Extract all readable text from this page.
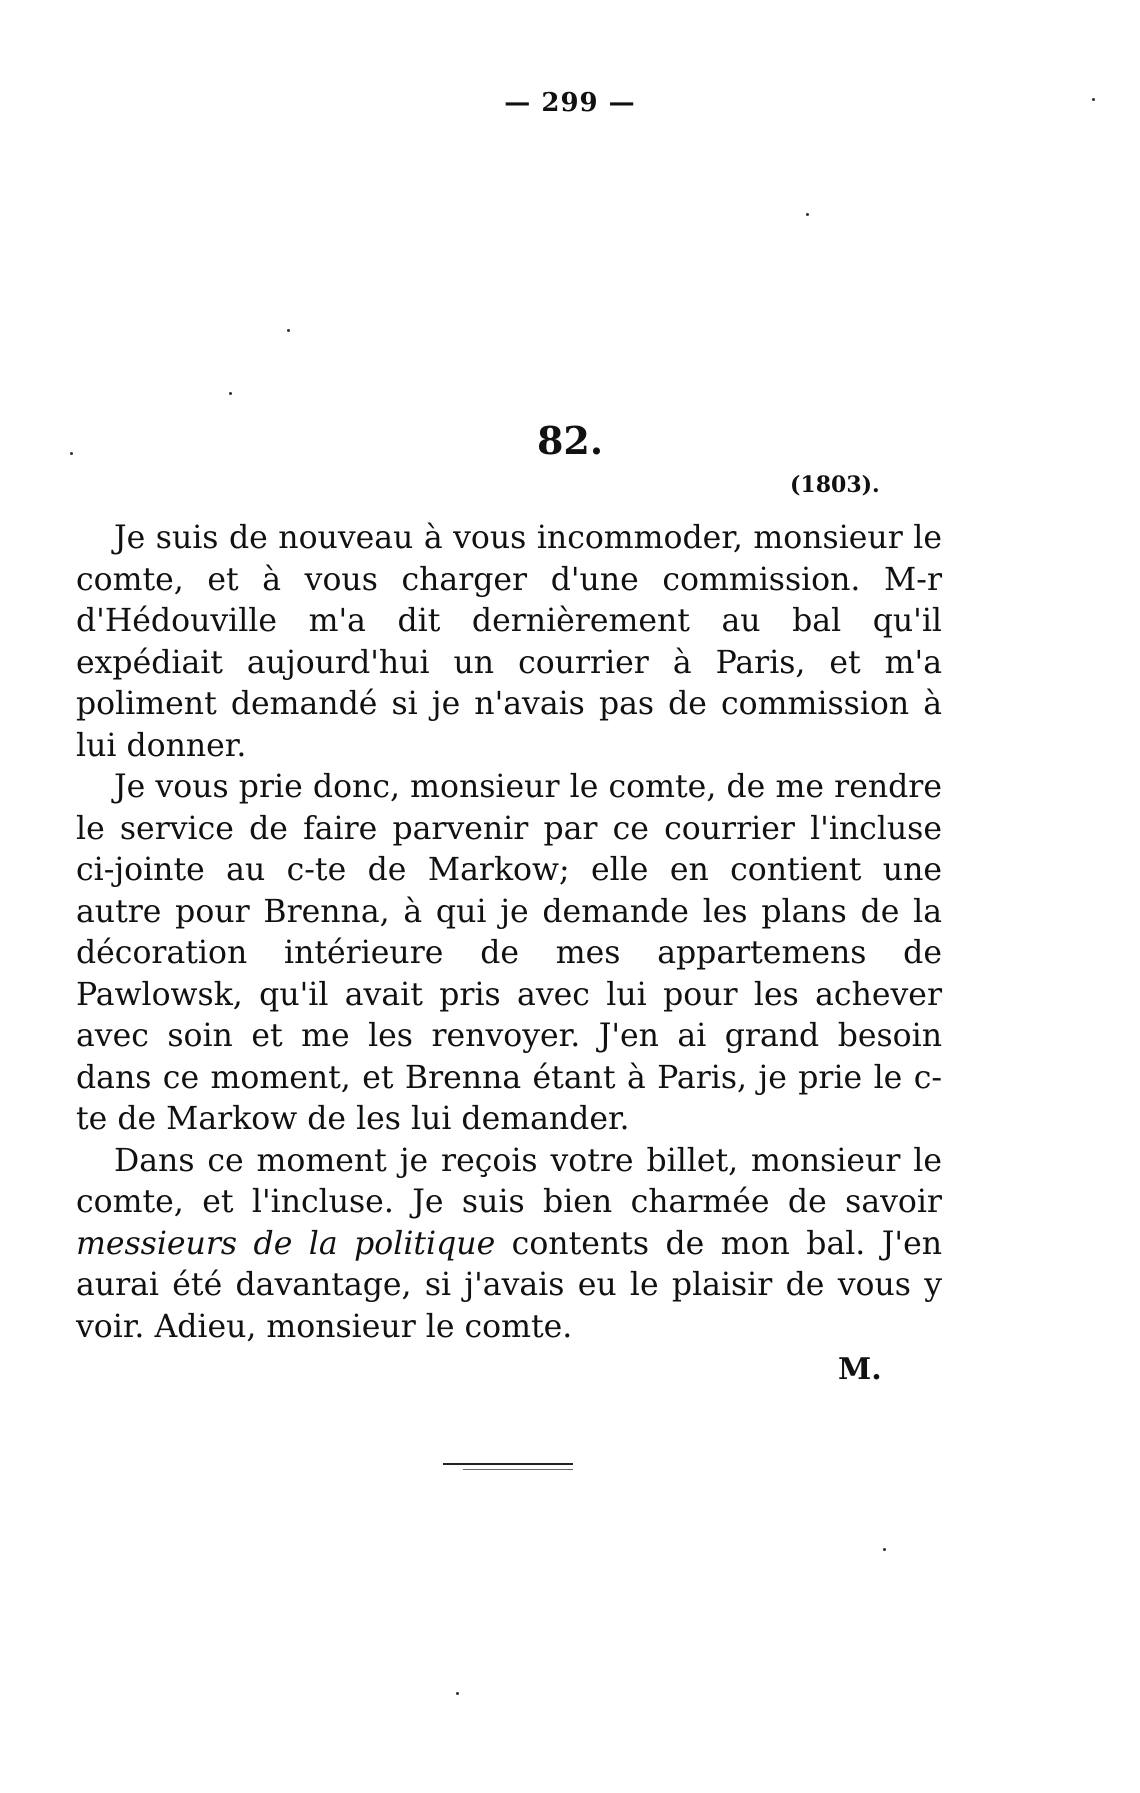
— 299 —
82.
(1803).

Je suis de nouveau à vous incommoder, monsieur le comte, et à vous charger d'une commission. M-r d'Hédouville m'a dit dernièrement au bal qu'il expédiait aujourd'hui un courrier à Paris, et m'a poliment demandé si je n'avais pas de commission à lui donner.

Je vous prie donc, monsieur le comte, de me rendre le service de faire parvenir par ce courrier l'incluse ci-jointe au c-te de Markow; elle en contient une autre pour Brenna, à qui je demande les plans de la décoration intérieure de mes appartemens de Pawlowsk, qu'il avait pris avec lui pour les achever avec soin et me les renvoyer. J'en ai grand besoin dans ce moment, et Brenna étant à Paris, je prie le c-te de Markow de les lui demander.

Dans ce moment je reçois votre billet, monsieur le comte, et l'incluse. Je suis bien charmée de savoir messieurs de la politique contents de mon bal. J'en aurai été davantage, si j'avais eu le plaisir de vous y voir. Adieu, monsieur le comte.

M.
